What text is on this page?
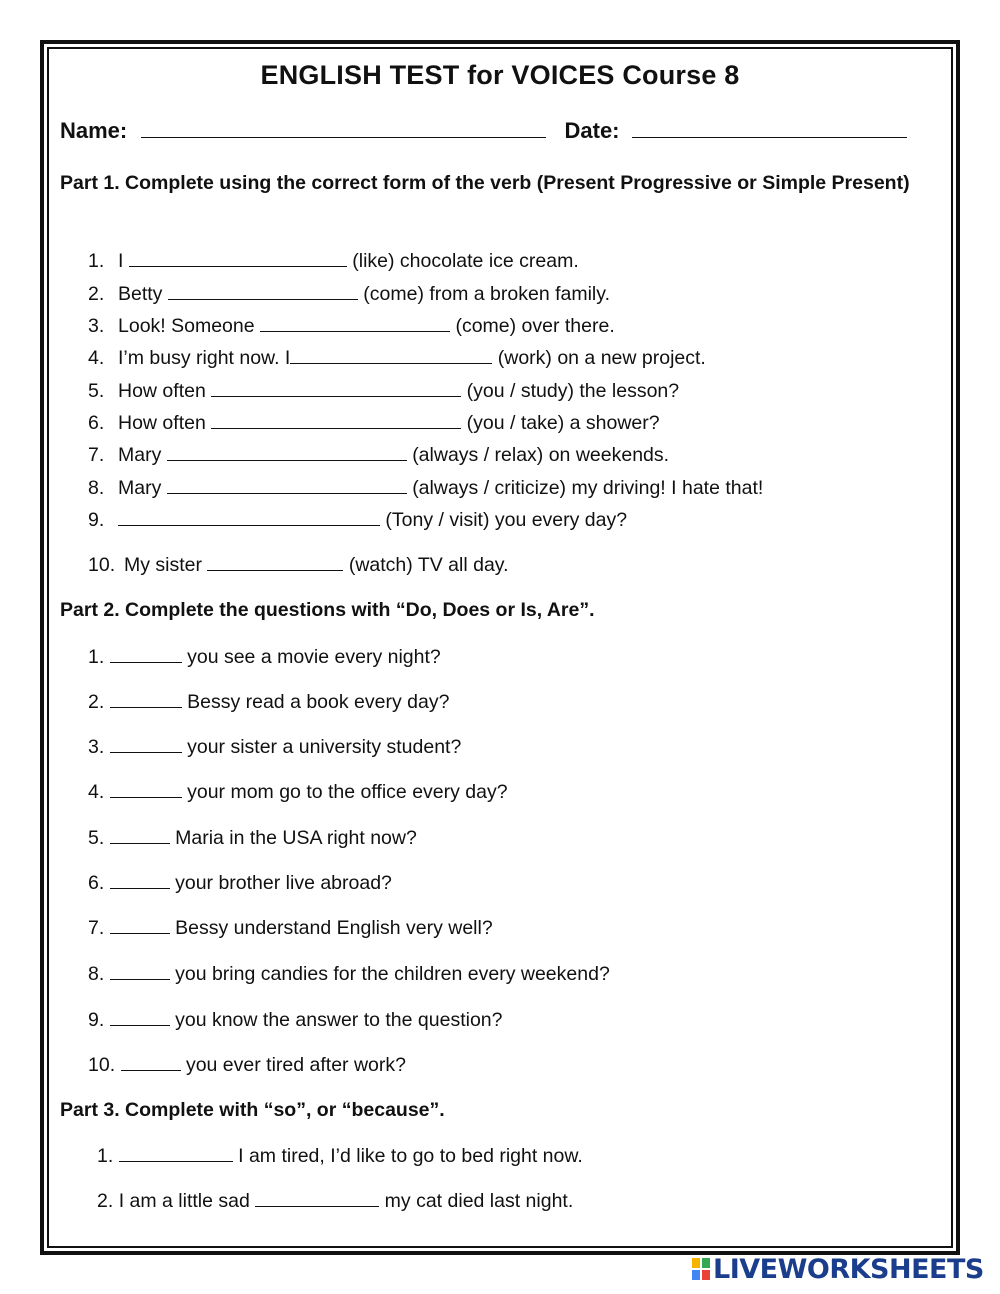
ENGLISH TEST for VOICES Course 8
Name:	Date:
Part 1. Complete using the correct form of the verb (Present Progressive or Simple Present)
1. I	(like) chocolate ice cream.
2. Betty	(come) from a broken family.
3. Look! Someone	(come) over there.
4. I’m busy right now. I	(work) on a new project.
5. How often	(you / study) the lesson?
6. How often	(you / take) a shower?
7. Mary	(always / relax) on weekends.
8. Mary	(always / criticize) my driving! I hate that!
9.	(Tony / visit) you every day?
10. My sister	(watch) TV all day.
Part 2. Complete the questions with “Do, Does or Is, Are”.
1.	you see a movie every night?
2.	Bessy read a book every day?
3.	your sister a university student?
4.	your mom go to the office every day?
5.	Maria in the USA right now?
6.	your brother live abroad?
7.	Bessy understand English very well?
8.	you bring candies for the children every weekend?
9.	you know the answer to the question?
10.	you ever tired after work?
Part 3. Complete with “so”, or “because”.
1.	I am tired, I’d like to go to bed right now.
2. I am a little sad	my cat died last night.
LIVEWORKSHEETS
